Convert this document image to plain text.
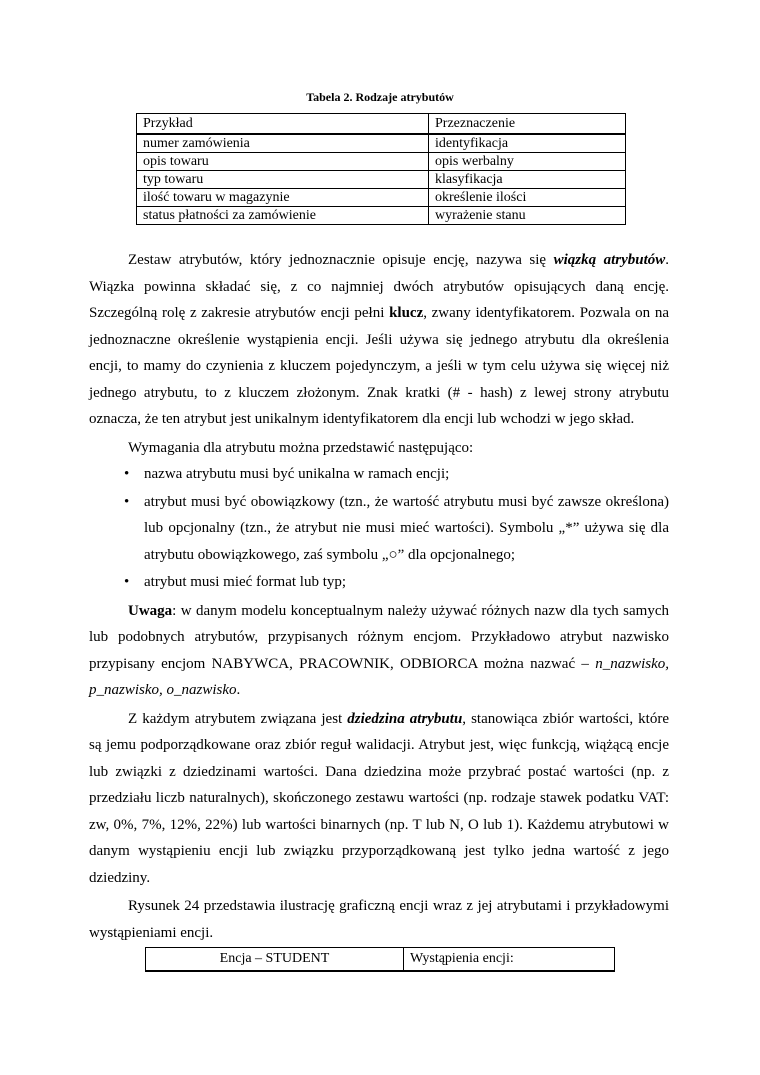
Tabela 2. Rodzaje atrybutów
Przykład	Przeznaczenie
numer zamówienia	identyfikacja
opis towaru	opis werbalny
typ towaru	klasyfikacja
ilość towaru w magazynie	określenie ilości
status płatności za zamówienie	wyrażenie stanu

Zestaw atrybutów, który jednoznacznie opisuje encję, nazywa się wiązką atrybutów. Wiązka powinna składać się, z co najmniej dwóch atrybutów opisujących daną encję. Szczególną rolę z zakresie atrybutów encji pełni klucz, zwany identyfikatorem. Pozwala on na jednoznaczne określenie wystąpienia encji. Jeśli używa się jednego atrybutu dla określenia encji, to mamy do czynienia z kluczem pojedynczym, a jeśli w tym celu używa się więcej niż jednego atrybutu, to z kluczem złożonym. Znak kratki (# - hash) z lewej strony atrybutu oznacza, że ten atrybut jest unikalnym identyfikatorem dla encji lub wchodzi w jego skład.

Wymagania dla atrybutu można przedstawić następująco:

• nazwa atrybutu musi być unikalna w ramach encji;
• atrybut musi być obowiązkowy (tzn., że wartość atrybutu musi być zawsze określona) lub opcjonalny (tzn., że atrybut nie musi mieć wartości). Symbolu „*” używa się dla atrybutu obowiązkowego, zaś symbolu „○” dla opcjonalnego;
• atrybut musi mieć format lub typ;

Uwaga: w danym modelu konceptualnym należy używać różnych nazw dla tych samych lub podobnych atrybutów, przypisanych różnym encjom. Przykładowo atrybut nazwisko przypisany encjom NABYWCA, PRACOWNIK, ODBIORCA można nazwać – n_nazwisko, p_nazwisko, o_nazwisko.

Z każdym atrybutem związana jest dziedzina atrybutu, stanowiąca zbiór wartości, które są jemu podporządkowane oraz zbiór reguł walidacji. Atrybut jest, więc funkcją, wiążącą encje lub związki z dziedzinami wartości. Dana dziedzina może przybrać postać wartości (np. z przedziału liczb naturalnych), skończonego zestawu wartości (np. rodzaje stawek podatku VAT: zw, 0%, 7%, 12%, 22%) lub wartości binarnych (np. T lub N, O lub 1). Każdemu atrybutowi w danym wystąpieniu encji lub związku przyporządkowaną jest tylko jedna wartość z jego dziedziny.

Rysunek 24 przedstawia ilustrację graficzną encji wraz z jej atrybutami i przykładowymi wystąpieniami encji.

Encja – STUDENT	Wystąpienia encji:
